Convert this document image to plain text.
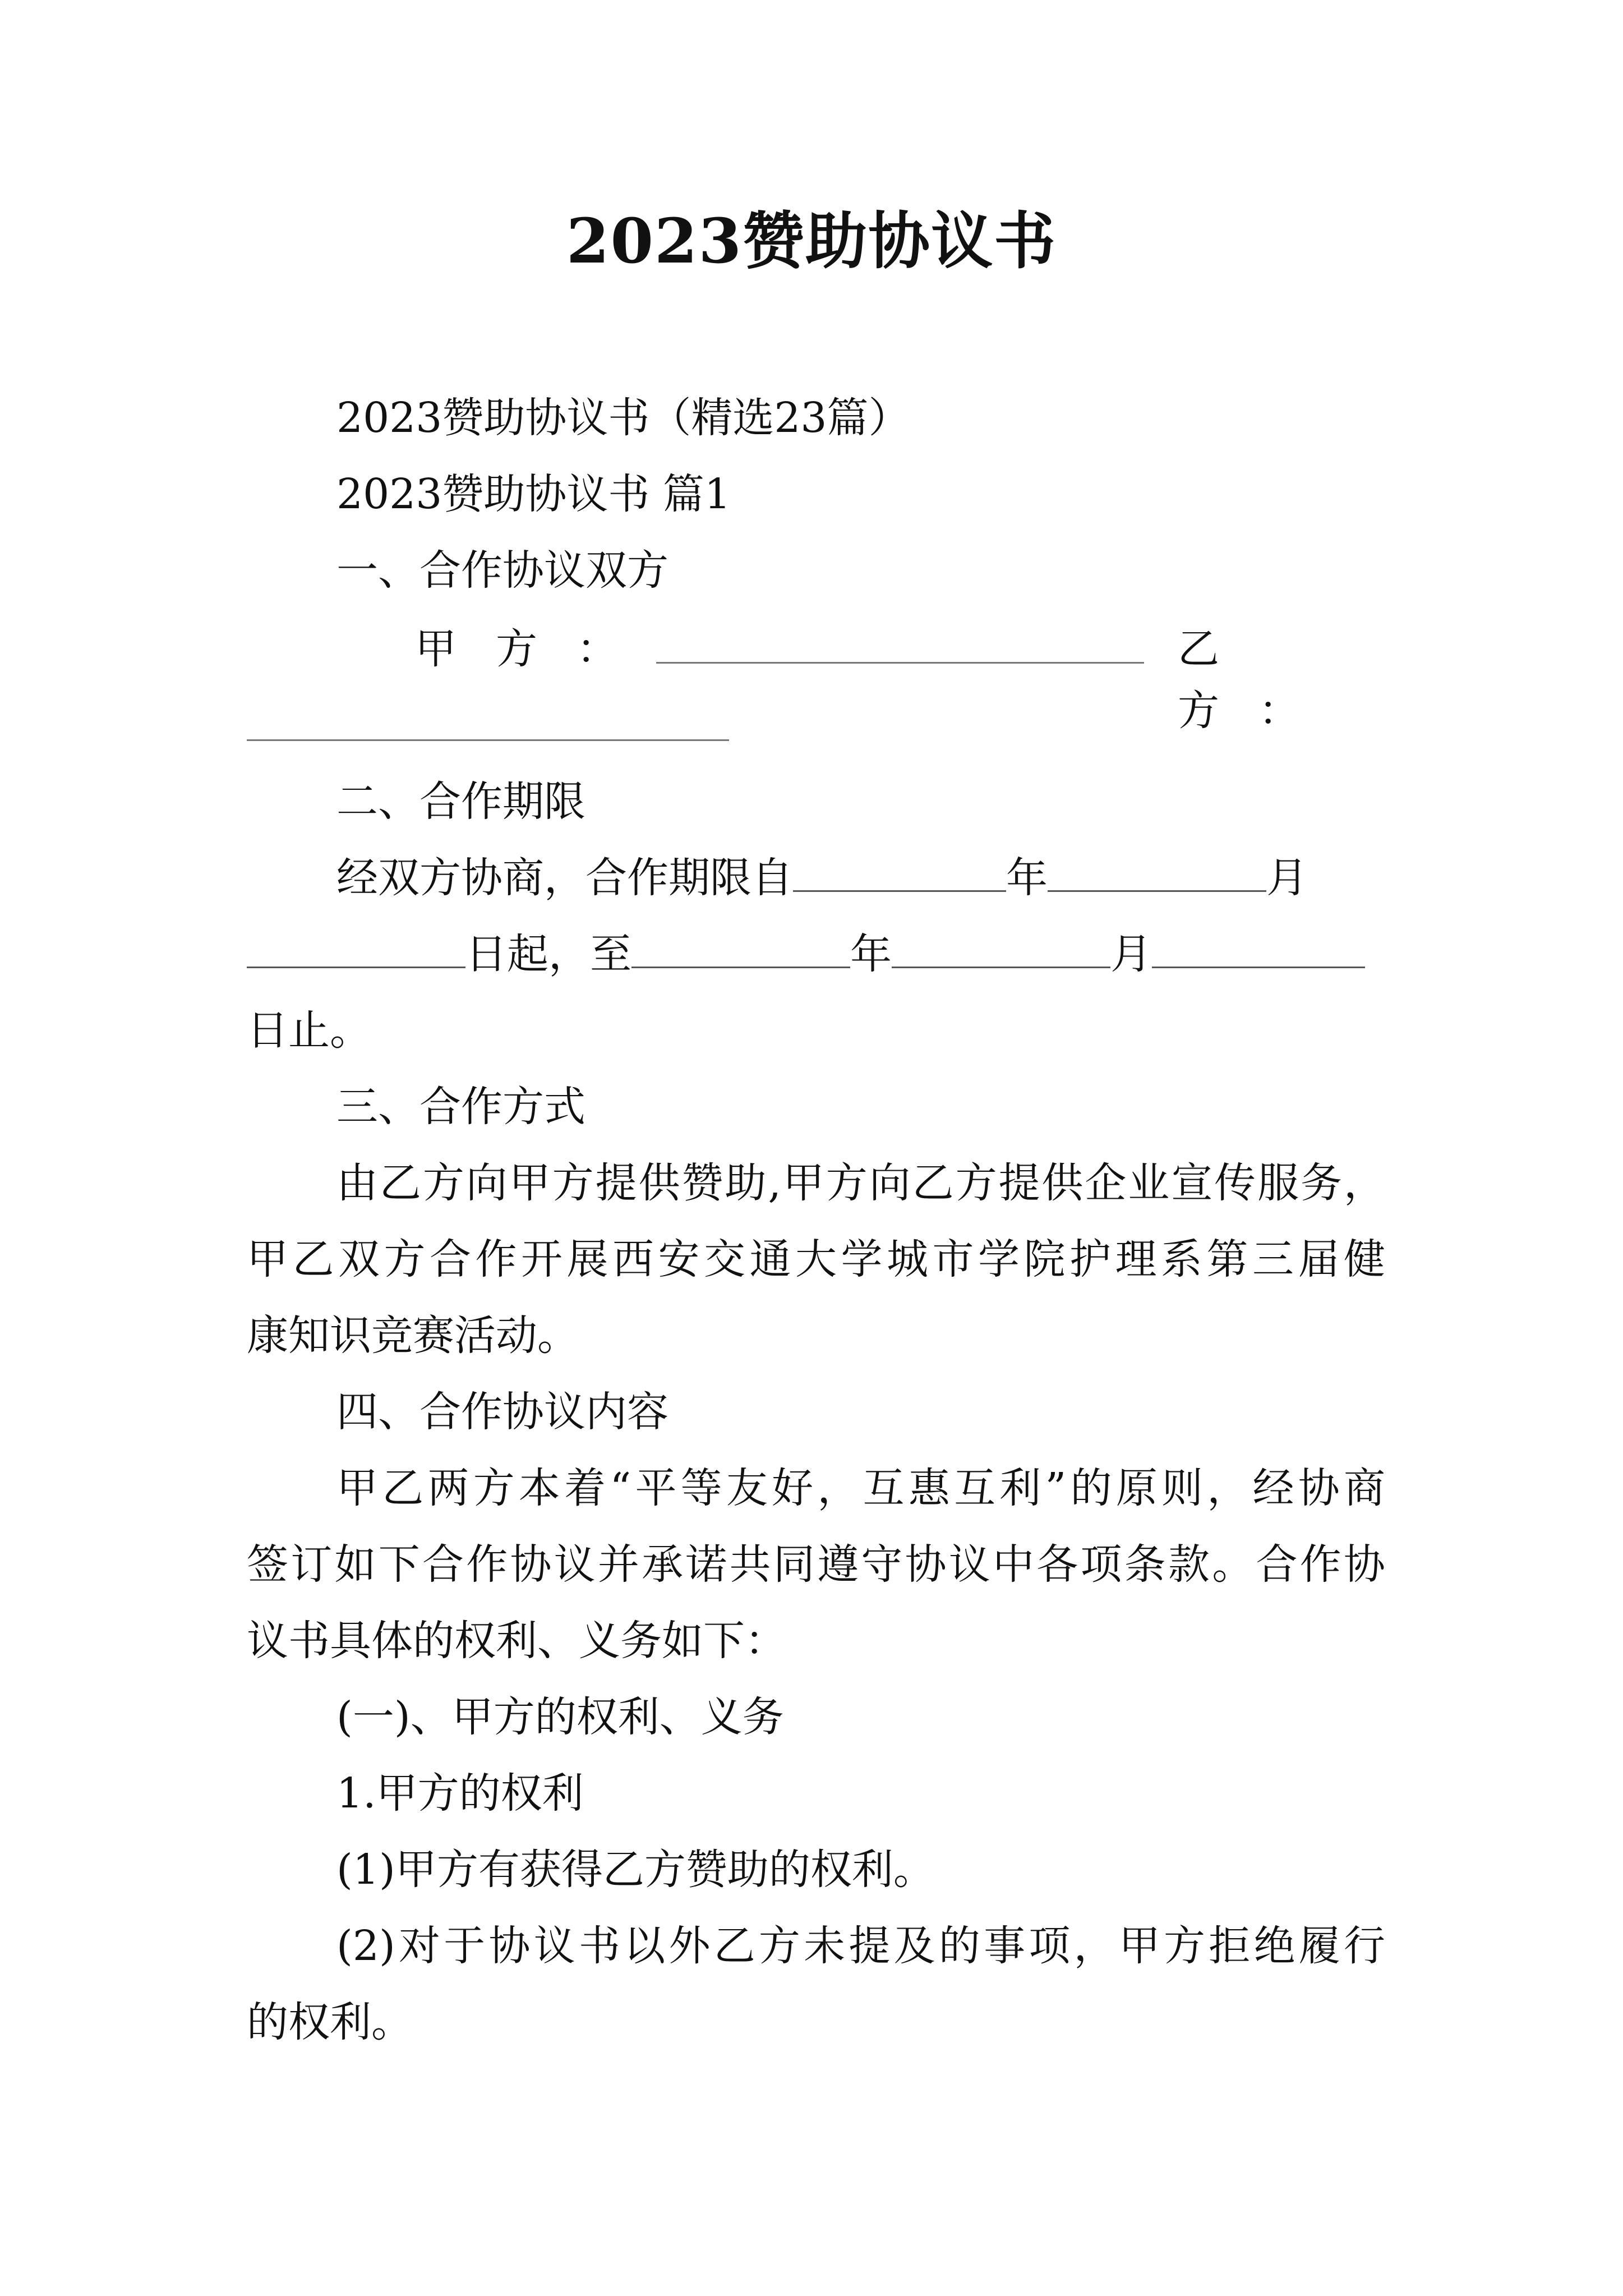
2023赞助协议书
2023赞助协议书（精选23篇）
2023赞助协议书 篇1
一、合作协议双方
甲方：	乙方：
二、合作期限
经双方协商，合作期限自	年	月
日起，至	年	月
日止。
三、合作方式
由乙方向甲方提供赞助,甲方向乙方提供企业宣传服务，
甲乙双方合作开展西安交通大学城市学院护理系第三届健
康知识竞赛活动。
四、合作协议内容
甲乙两方本着“平等友好，互惠互利”的原则，经协商
签订如下合作协议并承诺共同遵守协议中各项条款。合作协
议书具体的权利、义务如下：
(一)、甲方的权利、义务
1.甲方的权利
(1)甲方有获得乙方赞助的权利。
(2)对于协议书以外乙方未提及的事项，甲方拒绝履行
的权利。
